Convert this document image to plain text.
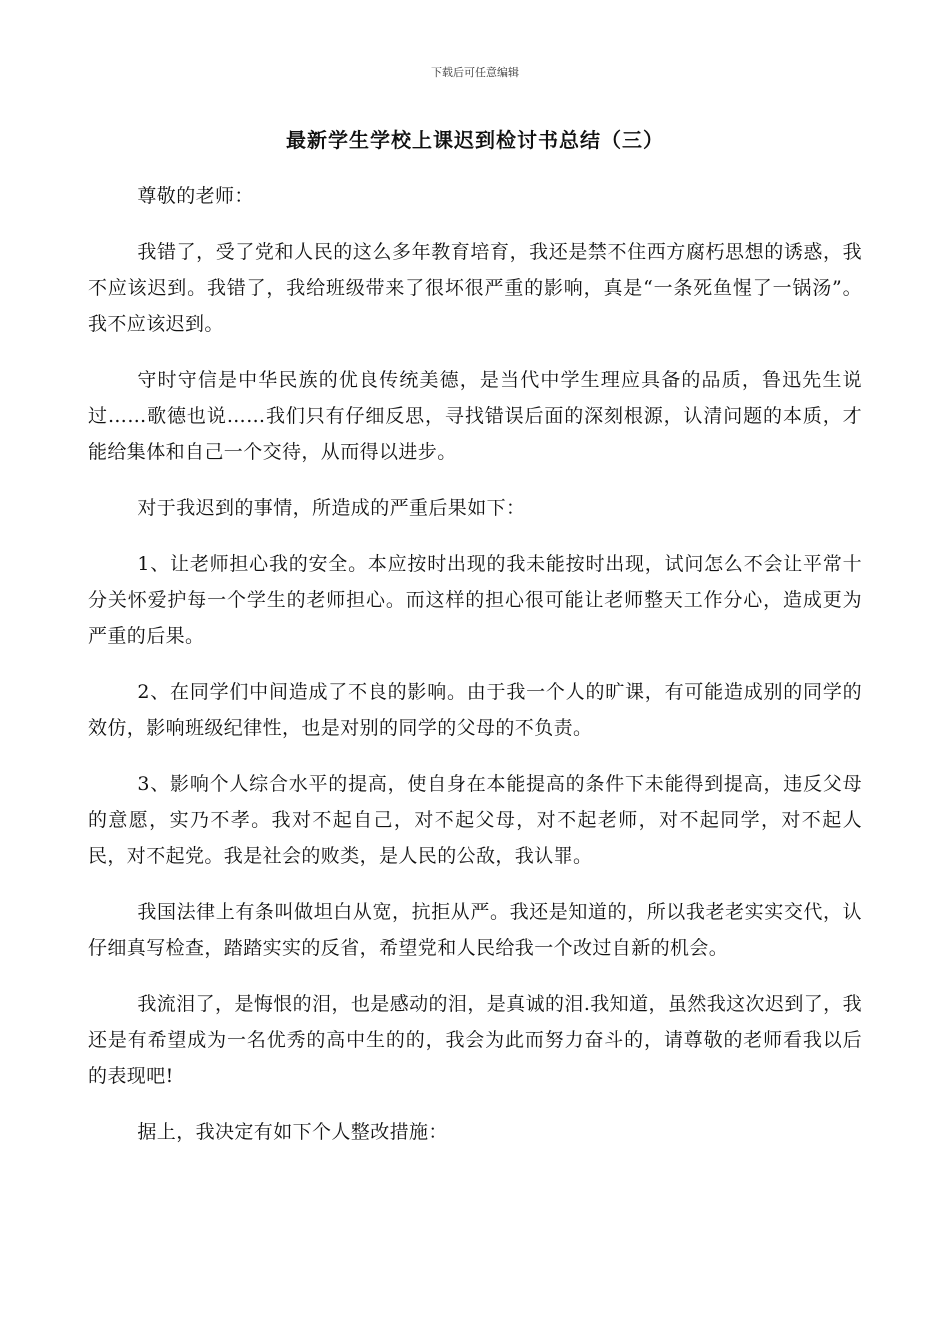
下载后可任意编辑
最新学生学校上课迟到检讨书总结（三）

尊敬的老师：

我错了，受了党和人民的这么多年教育培育，我还是禁不住西方腐朽思想的诱惑，我不应该迟到。我错了，我给班级带来了很坏很严重的影响，真是“一条死鱼惺了一锅汤”。我不应该迟到。

守时守信是中华民族的优良传统美德，是当代中学生理应具备的品质，鲁迅先生说过……歌德也说……我们只有仔细反思，寻找错误后面的深刻根源，认清问题的本质，才能给集体和自己一个交待，从而得以进步。

对于我迟到的事情，所造成的严重后果如下：

1、让老师担心我的安全。本应按时出现的我未能按时出现，试问怎么不会让平常十分关怀爱护每一个学生的老师担心。而这样的担心很可能让老师整天工作分心，造成更为严重的后果。

2、在同学们中间造成了不良的影响。由于我一个人的旷课，有可能造成别的同学的效仿，影响班级纪律性，也是对别的同学的父母的不负责。

3、影响个人综合水平的提高，使自身在本能提高的条件下未能得到提高，违反父母的意愿，实乃不孝。我对不起自己，对不起父母，对不起老师，对不起同学，对不起人民，对不起党。我是社会的败类，是人民的公敌，我认罪。

我国法律上有条叫做坦白从宽，抗拒从严。我还是知道的，所以我老老实实交代，认仔细真写检查，踏踏实实的反省，希望党和人民给我一个改过自新的机会。

我流泪了，是悔恨的泪，也是感动的泪，是真诚的泪.我知道，虽然我这次迟到了，我还是有希望成为一名优秀的高中生的的，我会为此而努力奋斗的，请尊敬的老师看我以后的表现吧!

据上，我决定有如下个人整改措施：
